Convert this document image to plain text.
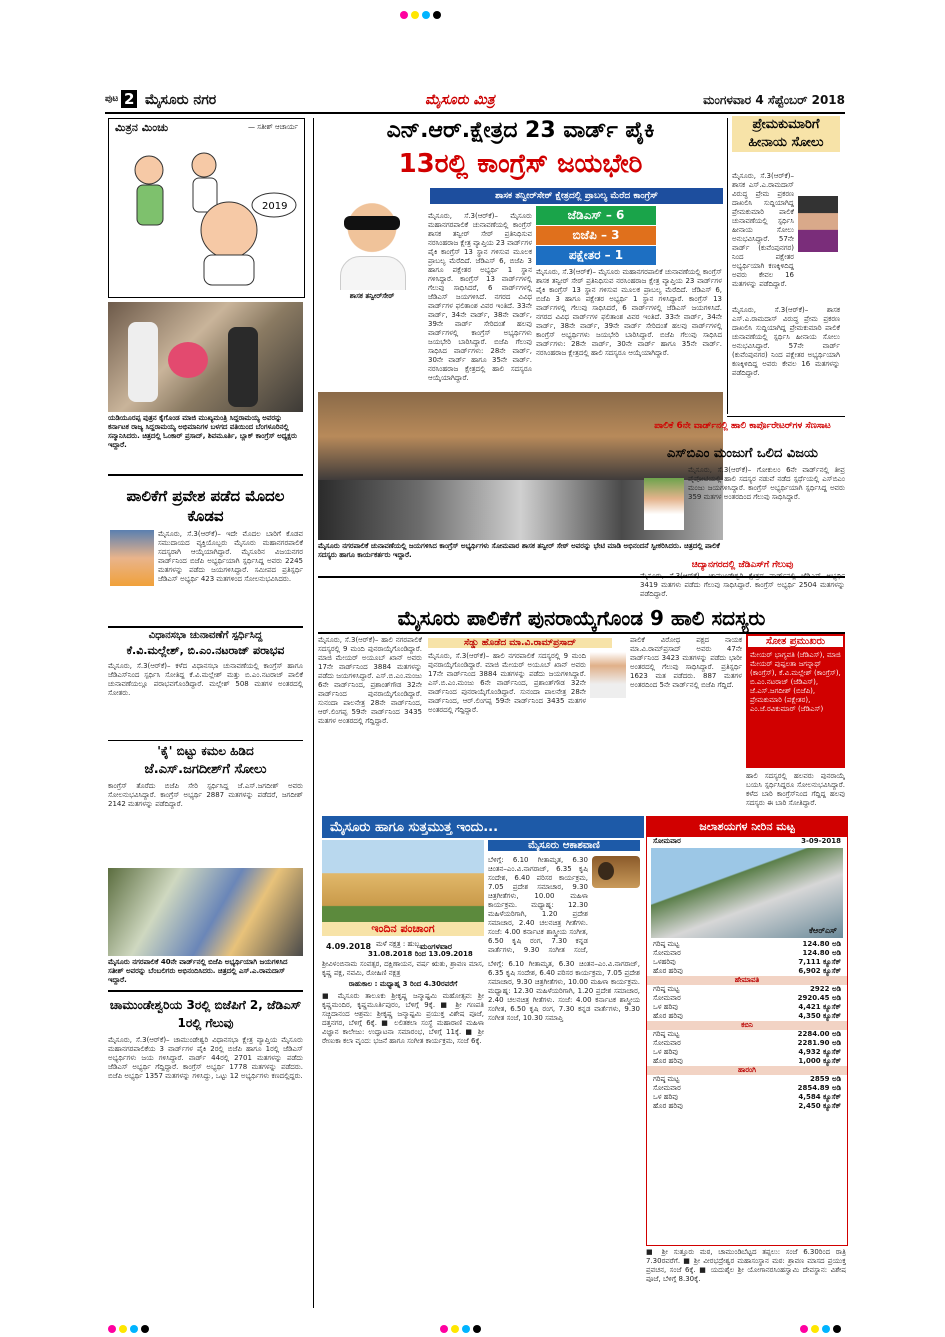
ಪುಟ 2 ಮೈಸೂರು ನಗರ	ಮೈಸೂರು ಮಿತ್ರ	ಮಂಗಳವಾರ 4 ಸೆಪ್ಟೆಂಬರ್ 2018
ಮಿತ್ರನ ಮಿಂಚು	— ಸತೀಶ್ ಆಚಾರ್ಯ
2019
ಯಡಿಯೂರಪ್ಪ ಪುತ್ರನ ಕೈಗೊಂಡ ಮಾಜಿ ಮುಖ್ಯಮಂತ್ರಿ ಸಿದ್ದರಾಮಯ್ಯ ಅವರನ್ನು ಕರ್ನಾಟಕ ರಾಜ್ಯ ಸಿದ್ದರಾಮಯ್ಯ ಅಭಿಮಾನಿಗಳ ಬಳಗದ ವತಿಯಿಂದ ಬೆಂಗಳೂರಿನಲ್ಲಿ ಸನ್ಮಾನಿಸಿದರು. ಚಿತ್ರದಲ್ಲಿ ಓಂಕಾರ್ ಪ್ರಸಾದ್, ಶಿವಮೂರ್ತಿ, ಬ್ಲಾಕ್ ಕಾಂಗ್ರೆಸ್ ಅಧ್ಯಕ್ಷರು ಇದ್ದಾರೆ.
ಪಾಲಿಕೆಗೆ ಪ್ರವೇಶ ಪಡೆದ ಮೊದಲ ಕೊಡವ
ಮೈಸೂರು, ಸೆ.3(ಆರ್‌ಕೆ)– ಇದೇ ಮೊದಲ ಬಾರಿಗೆ ಕೊಡವ ಸಮುದಾಯದ ವ್ಯಕ್ತಿಯೊಬ್ಬರು ಮೈಸೂರು ಮಹಾನಗರಪಾಲಿಕೆ ಸದಸ್ಯರಾಗಿ ಆಯ್ಕೆಯಾಗಿದ್ದಾರೆ. ಮೈಸೂರಿನ ವಿಜಯನಗರ ವಾರ್ಡ್‌ನಿಂದ ಬಿಜೆಪಿ ಅಭ್ಯರ್ಥಿಯಾಗಿ ಸ್ಪರ್ಧಿಸಿದ್ದ ಅವರು 2245 ಮತಗಳನ್ನು ಪಡೆದು ಜಯಗಳಿಸಿದ್ದಾರೆ. ಸಮೀಪದ ಪ್ರತಿಸ್ಪರ್ಧಿ ಜೆಡಿಎಸ್ ಅಭ್ಯರ್ಥಿ 423 ಮತಗಳಿಂದ ಸೋಲನುಭವಿಸಿದರು.
ವಿಧಾನಸಭಾ ಚುನಾವಣೆಗೆ ಸ್ಪರ್ಧಿಸಿದ್ದ
ಕೆ.ವಿ.ಮಲ್ಲೇಶ್, ಬಿ.ಎಂ.ನಟರಾಜ್ ಪರಾಭವ
ಮೈಸೂರು, ಸೆ.3(ಆರ್‌ಕೆ)– ಕಳೆದ ವಿಧಾನಸಭಾ ಚುನಾವಣೆಯಲ್ಲಿ ಕಾಂಗ್ರೆಸ್ ಹಾಗೂ ಜೆಡಿಎಸ್‌ನಿಂದ ಸ್ಪರ್ಧಿಸಿ ಸೋತಿದ್ದ ಕೆ.ವಿ.ಮಲ್ಲೇಶ್ ಮತ್ತು ಬಿ.ಎಂ.ನಟರಾಜ್ ಪಾಲಿಕೆ ಚುನಾವಣೆಯಲ್ಲೂ ಪರಾಭವಗೊಂಡಿದ್ದಾರೆ. ಮಲ್ಲೇಶ್ 508 ಮತಗಳ ಅಂತರದಲ್ಲಿ ಸೋತರು.
'ಕೈ' ಬಿಟ್ಟು ಕಮಲ ಹಿಡಿದ
ಜೆ.ಎಸ್.ಜಗದೀಶ್‌ಗೆ ಸೋಲು
ಕಾಂಗ್ರೆಸ್ ತೊರೆದು ಬಿಜೆಪಿ ಸೇರಿ ಸ್ಪರ್ಧಿಸಿದ್ದ ಜೆ.ಎಸ್.ಜಗದೀಶ್ ಅವರು ಸೋಲನುಭವಿಸಿದ್ದಾರೆ. ಕಾಂಗ್ರೆಸ್ ಅಭ್ಯರ್ಥಿ 2887 ಮತಗಳನ್ನು ಪಡೆದರೆ, ಜಗದೀಶ್ 2142 ಮತಗಳನ್ನು ಪಡೆದಿದ್ದಾರೆ.
ಮೈಸೂರು ನಗರಪಾಲಿಕೆ 40ನೇ ವಾರ್ಡ್‌ನಲ್ಲಿ ಬಿಜೆಪಿ ಅಭ್ಯರ್ಥಿಯಾಗಿ ಜಯಗಳಿಸಿದ ಸತೀಶ್ ಅವರನ್ನು ಬೆಂಬಲಿಗರು ಅಭಿನಂದಿಸಿದರು. ಚಿತ್ರದಲ್ಲಿ ಎಸ್.ಎ.ರಾಮದಾಸ್ ಇದ್ದಾರೆ.
ಚಾಮುಂಡೇಶ್ವರಿಯ 3ರಲ್ಲಿ ಬಿಜೆಪಿಗೆ 2, ಜೆಡಿಎಸ್ 1ರಲ್ಲಿ ಗೆಲುವು
ಮೈಸೂರು, ಸೆ.3(ಆರ್‌ಕೆ)– ಚಾಮುಂಡೇಶ್ವರಿ ವಿಧಾನಸಭಾ ಕ್ಷೇತ್ರ ವ್ಯಾಪ್ತಿಯ ಮೈಸೂರು ಮಹಾನಗರಪಾಲಿಕೆಯ 3 ವಾರ್ಡ್‌ಗಳ ಪೈಕಿ 2ರಲ್ಲಿ ಬಿಜೆಪಿ ಹಾಗೂ 1ರಲ್ಲಿ ಜೆಡಿಎಸ್ ಅಭ್ಯರ್ಥಿಗಳು ಜಯ ಗಳಿಸಿದ್ದಾರೆ. ವಾರ್ಡ್ 44ರಲ್ಲಿ 2701 ಮತಗಳನ್ನು ಪಡೆದು ಜೆಡಿಎಸ್ ಅಭ್ಯರ್ಥಿ ಗೆದ್ದಿದ್ದಾರೆ. ಕಾಂಗ್ರೆಸ್ ಅಭ್ಯರ್ಥಿ 1778 ಮತಗಳನ್ನು ಪಡೆದರು. ಬಿಜೆಪಿ ಅಭ್ಯರ್ಥಿ 1357 ಮತಗಳನ್ನು ಗಳಿಸಿದ್ದು, ಒಟ್ಟು 12 ಅಭ್ಯರ್ಥಿಗಳು ಕಣದಲ್ಲಿದ್ದರು.
ಎನ್.ಆರ್.ಕ್ಷೇತ್ರದ 23 ವಾರ್ಡ್ ಪೈಕಿ
13ರಲ್ಲಿ ಕಾಂಗ್ರೆಸ್ ಜಯಭೇರಿ
ಶಾಸಕ ತನ್ವೀರ್‌ಸೇಠ್
ಶಾಸಕ ತನ್ವೀರ್‌ಸೇಠ್ ಕ್ಷೇತ್ರದಲ್ಲಿ ಪ್ರಾಬಲ್ಯ ಮೆರೆದ ಕಾಂಗ್ರೆಸ್
ಜೆಡಿಎಸ್ – 6
ಬಿಜೆಪಿ – 3
ಪಕ್ಷೇತರ – 1
ಮೈಸೂರು, ಸೆ.3(ಆರ್‌ಕೆ)– ಮೈಸೂರು ಮಹಾನಗರಪಾಲಿಕೆ ಚುನಾವಣೆಯಲ್ಲಿ ಕಾಂಗ್ರೆಸ್ ಶಾಸಕ ತನ್ವೀರ್ ಸೇಠ್ ಪ್ರತಿನಿಧಿಸುವ ನರಸಿಂಹರಾಜ ಕ್ಷೇತ್ರ ವ್ಯಾಪ್ತಿಯ 23 ವಾರ್ಡ್‌ಗಳ ಪೈಕಿ ಕಾಂಗ್ರೆಸ್ 13 ಸ್ಥಾನ ಗಳಿಸುವ ಮೂಲಕ ಪ್ರಾಬಲ್ಯ ಮೆರೆದಿದೆ. ಜೆಡಿಎಸ್ 6, ಬಿಜೆಪಿ 3 ಹಾಗೂ ಪಕ್ಷೇತರ ಅಭ್ಯರ್ಥಿ 1 ಸ್ಥಾನ ಗಳಿಸಿದ್ದಾರೆ. ಕಾಂಗ್ರೆಸ್ 13 ವಾರ್ಡ್‌ಗಳಲ್ಲಿ ಗೆಲುವು ಸಾಧಿಸಿದರೆ, 6 ವಾರ್ಡ್‌ಗಳಲ್ಲಿ ಜೆಡಿಎಸ್ ಜಯಗಳಿಸಿದೆ. ನಗರದ ವಿವಿಧ ವಾರ್ಡ್‌ಗಳ ಫಲಿತಾಂಶ ವಿವರ ಇಂತಿದೆ. 33ನೇ ವಾರ್ಡ್, 34ನೇ ವಾರ್ಡ್, 38ನೇ ವಾರ್ಡ್, 39ನೇ ವಾರ್ಡ್ ಸೇರಿದಂತೆ ಹಲವು ವಾರ್ಡ್‌ಗಳಲ್ಲಿ ಕಾಂಗ್ರೆಸ್ ಅಭ್ಯರ್ಥಿಗಳು ಜಯಭೇರಿ ಬಾರಿಸಿದ್ದಾರೆ. ಬಿಜೆಪಿ ಗೆಲುವು ಸಾಧಿಸಿದ ವಾರ್ಡ್‌ಗಳು: 28ನೇ ವಾರ್ಡ್, 30ನೇ ವಾರ್ಡ್ ಹಾಗೂ 35ನೇ ವಾರ್ಡ್. ನರಸಿಂಹರಾಜ ಕ್ಷೇತ್ರದಲ್ಲಿ ಹಾಲಿ ಸದಸ್ಯರೂ ಆಯ್ಕೆಯಾಗಿದ್ದಾರೆ.
ಮೈಸೂರು, ಸೆ.3(ಆರ್‌ಕೆ)– ಮೈಸೂರು ಮಹಾನಗರಪಾಲಿಕೆ ಚುನಾವಣೆಯಲ್ಲಿ ಕಾಂಗ್ರೆಸ್ ಶಾಸಕ ತನ್ವೀರ್ ಸೇಠ್ ಪ್ರತಿನಿಧಿಸುವ ನರಸಿಂಹರಾಜ ಕ್ಷೇತ್ರ ವ್ಯಾಪ್ತಿಯ 23 ವಾರ್ಡ್‌ಗಳ ಪೈಕಿ ಕಾಂಗ್ರೆಸ್ 13 ಸ್ಥಾನ ಗಳಿಸುವ ಮೂಲಕ ಪ್ರಾಬಲ್ಯ ಮೆರೆದಿದೆ. ಜೆಡಿಎಸ್ 6, ಬಿಜೆಪಿ 3 ಹಾಗೂ ಪಕ್ಷೇತರ ಅಭ್ಯರ್ಥಿ 1 ಸ್ಥಾನ ಗಳಿಸಿದ್ದಾರೆ. ಕಾಂಗ್ರೆಸ್ 13 ವಾರ್ಡ್‌ಗಳಲ್ಲಿ ಗೆಲುವು ಸಾಧಿಸಿದರೆ, 6 ವಾರ್ಡ್‌ಗಳಲ್ಲಿ ಜೆಡಿಎಸ್ ಜಯಗಳಿಸಿದೆ. ನಗರದ ವಿವಿಧ ವಾರ್ಡ್‌ಗಳ ಫಲಿತಾಂಶ ವಿವರ ಇಂತಿದೆ. 33ನೇ ವಾರ್ಡ್, 34ನೇ ವಾರ್ಡ್, 38ನೇ ವಾರ್ಡ್, 39ನೇ ವಾರ್ಡ್ ಸೇರಿದಂತೆ ಹಲವು ವಾರ್ಡ್‌ಗಳಲ್ಲಿ ಕಾಂಗ್ರೆಸ್ ಅಭ್ಯರ್ಥಿಗಳು ಜಯಭೇರಿ ಬಾರಿಸಿದ್ದಾರೆ. ಬಿಜೆಪಿ ಗೆಲುವು ಸಾಧಿಸಿದ ವಾರ್ಡ್‌ಗಳು: 28ನೇ ವಾರ್ಡ್, 30ನೇ ವಾರ್ಡ್ ಹಾಗೂ 35ನೇ ವಾರ್ಡ್. ನರಸಿಂಹರಾಜ ಕ್ಷೇತ್ರದಲ್ಲಿ ಹಾಲಿ ಸದಸ್ಯರೂ ಆಯ್ಕೆಯಾಗಿದ್ದಾರೆ.
ಪ್ರೇಮಕುಮಾರಿಗೆ ಹೀನಾಯ ಸೋಲು
ಮೈಸೂರು, ಸೆ.3(ಆರ್‌ಕೆ)– ಶಾಸಕ ಎಸ್.ಎ.ರಾಮದಾಸ್ ವಿರುದ್ಧ ಪ್ರೇಮ ಪ್ರಕರಣ ದಾಖಲಿಸಿ ಸುದ್ದಿಯಾಗಿದ್ದ ಪ್ರೇಮಕುಮಾರಿ ಪಾಲಿಕೆ ಚುನಾವಣೆಯಲ್ಲಿ ಸ್ಪರ್ಧಿಸಿ ಹೀನಾಯ ಸೋಲು ಅನುಭವಿಸಿದ್ದಾರೆ. 57ನೇ ವಾರ್ಡ್ (ಕುವೆಂಪುನಗರ) ನಿಂದ ಪಕ್ಷೇತರ ಅಭ್ಯರ್ಥಿಯಾಗಿ ಕಣಕ್ಕಿಳಿದಿದ್ದ ಅವರು ಕೇವಲ 16 ಮತಗಳನ್ನು ಪಡೆದಿದ್ದಾರೆ.
ಮೈಸೂರು, ಸೆ.3(ಆರ್‌ಕೆ)– ಶಾಸಕ ಎಸ್.ಎ.ರಾಮದಾಸ್ ವಿರುದ್ಧ ಪ್ರೇಮ ಪ್ರಕರಣ ದಾಖಲಿಸಿ ಸುದ್ದಿಯಾಗಿದ್ದ ಪ್ರೇಮಕುಮಾರಿ ಪಾಲಿಕೆ ಚುನಾವಣೆಯಲ್ಲಿ ಸ್ಪರ್ಧಿಸಿ ಹೀನಾಯ ಸೋಲು ಅನುಭವಿಸಿದ್ದಾರೆ. 57ನೇ ವಾರ್ಡ್ (ಕುವೆಂಪುನಗರ) ನಿಂದ ಪಕ್ಷೇತರ ಅಭ್ಯರ್ಥಿಯಾಗಿ ಕಣಕ್ಕಿಳಿದಿದ್ದ ಅವರು ಕೇವಲ 16 ಮತಗಳನ್ನು ಪಡೆದಿದ್ದಾರೆ.
ಮೈಸೂರು ನಗರಪಾಲಿಕೆ ಚುನಾವಣೆಯಲ್ಲಿ ಜಯಗಳಿಸಿದ ಕಾಂಗ್ರೆಸ್ ಅಭ್ಯರ್ಥಿಗಳು ಸೋಮವಾರ ಶಾಸಕ ತನ್ವೀರ್ ಸೇಠ್ ಅವರನ್ನು ಭೇಟಿ ಮಾಡಿ ಅಭಿನಂದನೆ ಸ್ವೀಕರಿಸಿದರು. ಚಿತ್ರದಲ್ಲಿ ಪಾಲಿಕೆ ಸದಸ್ಯರು ಹಾಗೂ ಕಾರ್ಯಕರ್ತರು ಇದ್ದಾರೆ.
ಪಾಲಿಕೆ 6ನೇ ವಾರ್ಡ್‌ನಲ್ಲಿ ಹಾಲಿ ಕಾರ್ಪೊರೇಟರ್‌ಗಳ ಸೆಣಸಾಟ
ಎಸ್‌ಬಿಎಂ ಮಂಜುಗೆ ಒಲಿದ ವಿಜಯ
ಮೈಸೂರು, ಸೆ.3(ಆರ್‌ಕೆ)– ಗೋಕುಲಂ 6ನೇ ವಾರ್ಡ್‌ನಲ್ಲಿ ತೀವ್ರ ಪೈಪೋಟಿಯಲ್ಲಿ ಹಾಲಿ ಸದಸ್ಯರ ನಡುವೆ ನಡೆದ ಸ್ಪರ್ಧೆಯಲ್ಲಿ ಎಸ್‌ಬಿಎಂ ಮಂಜು ಜಯಗಳಿಸಿದ್ದಾರೆ. ಕಾಂಗ್ರೆಸ್ ಅಭ್ಯರ್ಥಿಯಾಗಿ ಸ್ಪರ್ಧಿಸಿದ್ದ ಅವರು 359 ಮತಗಳ ಅಂತರದಿಂದ ಗೆಲುವು ಸಾಧಿಸಿದ್ದಾರೆ.
ಚಿದ್ಯಾನಗರದಲ್ಲಿ ಜೆಡಿಎಸ್‌ಗೆ ಗೆಲುವು
3419 ಮತಗಳು ಪಡೆದು ಗೆಲುವು ಸಾಧಿಸಿದ್ದಾರೆ. ಕಾಂಗ್ರೆಸ್ ಅಭ್ಯರ್ಥಿ 2504 ಮತಗಳನ್ನು ಪಡೆದಿದ್ದಾರೆ.
ಮೈಸೂರು ಪಾಲಿಕೆಗೆ ಪುನರಾಯ್ಕೆಗೊಂಡ 9 ಹಾಲಿ ಸದಸ್ಯರು
ಮೈಸೂರು, ಸೆ.3(ಆರ್‌ಕೆ)– ಹಾಲಿ ನಗರಪಾಲಿಕೆ ಸದಸ್ಯರಲ್ಲಿ 9 ಮಂದಿ ಪುನರಾಯ್ಕೆಗೊಂಡಿದ್ದಾರೆ. ಮಾಜಿ ಮೇಯರ್ ಅಯೂಬ್ ಖಾನ್ ಅವರು 17ನೇ ವಾರ್ಡ್‌ನಿಂದ 3884 ಮತಗಳನ್ನು ಪಡೆದು ಜಯಗಳಿಸಿದ್ದಾರೆ. ಎಸ್.ಬಿ.ಎಂ.ಮಂಜು 6ನೇ ವಾರ್ಡ್‌ನಿಂದ, ಪ್ರಶಾಂತ್‌ಗೌಡ 32ನೇ ವಾರ್ಡ್‌ನಿಂದ ಪುನರಾಯ್ಕೆಗೊಂಡಿದ್ದಾರೆ. ಸುನಂದಾ ಪಾಲನೇತ್ರ 28ನೇ ವಾರ್ಡ್‌ನಿಂದ, ಆರ್.ಲಿಂಗಪ್ಪ 59ನೇ ವಾರ್ಡ್‌ನಿಂದ 3435 ಮತಗಳ ಅಂತರದಲ್ಲಿ ಗೆದ್ದಿದ್ದಾರೆ.
ಸೆಡ್ಡು ಹೊಡೆದ ಮಾ.ವಿ.ರಾಮ್‌ಪ್ರಸಾದ್
ಮೈಸೂರು, ಸೆ.3(ಆರ್‌ಕೆ)– ಹಾಲಿ ನಗರಪಾಲಿಕೆ ಸದಸ್ಯರಲ್ಲಿ 9 ಮಂದಿ ಪುನರಾಯ್ಕೆಗೊಂಡಿದ್ದಾರೆ. ಮಾಜಿ ಮೇಯರ್ ಅಯೂಬ್ ಖಾನ್ ಅವರು 17ನೇ ವಾರ್ಡ್‌ನಿಂದ 3884 ಮತಗಳನ್ನು ಪಡೆದು ಜಯಗಳಿಸಿದ್ದಾರೆ. ಎಸ್.ಬಿ.ಎಂ.ಮಂಜು 6ನೇ ವಾರ್ಡ್‌ನಿಂದ, ಪ್ರಶಾಂತ್‌ಗೌಡ 32ನೇ ವಾರ್ಡ್‌ನಿಂದ ಪುನರಾಯ್ಕೆಗೊಂಡಿದ್ದಾರೆ. ಸುನಂದಾ ಪಾಲನೇತ್ರ 28ನೇ ವಾರ್ಡ್‌ನಿಂದ, ಆರ್.ಲಿಂಗಪ್ಪ 59ನೇ ವಾರ್ಡ್‌ನಿಂದ 3435 ಮತಗಳ ಅಂತರದಲ್ಲಿ ಗೆದ್ದಿದ್ದಾರೆ.
ಪಾಲಿಕೆ ವಿರೋಧ ಪಕ್ಷದ ನಾಯಕ ಮಾ.ವಿ.ರಾಮ್‌ಪ್ರಸಾದ್ ಅವರು 47ನೇ ವಾರ್ಡ್‌ನಿಂದ 3423 ಮತಗಳನ್ನು ಪಡೆದು ಭಾರೀ ಅಂತರದಲ್ಲಿ ಗೆಲುವು ಸಾಧಿಸಿದ್ದಾರೆ. ಪ್ರತಿಸ್ಪರ್ಧಿ 1623 ಮತ ಪಡೆದರು. 887 ಮತಗಳ ಅಂತರದಿಂದ 5ನೇ ವಾರ್ಡ್‌ನಲ್ಲಿ ಬಿಜೆಪಿ ಗೆದ್ದಿದೆ.
ಸೋತ ಪ್ರಮುಖರು
ಮೇಯರ್ ಭಾಗ್ಯವತಿ (ಜೆಡಿಎಸ್), ಮಾಜಿ ಮೇಯರ್ ಪುಷ್ಪಲತಾ ಜಗನ್ನಾಥ್ (ಕಾಂಗ್ರೆಸ್), ಕೆ.ವಿ.ಮಲ್ಲೇಶ್ (ಕಾಂಗ್ರೆಸ್), ಬಿ.ಎಂ.ನಟರಾಜ್ (ಜೆಡಿಎಸ್), ಜೆ.ಎಸ್.ಜಗದೀಶ್ (ಬಿಜೆಪಿ), ಪ್ರೇಮಕುಮಾರಿ (ಪಕ್ಷೇತರ), ಎಂ.ಜೆ.ರವಿಕುಮಾರ್ (ಜೆಡಿಎಸ್)
ಹಾಲಿ ಸದಸ್ಯರಲ್ಲಿ ಹಲವರು ಪುನರಾಯ್ಕೆ ಬಯಸಿ ಸ್ಪರ್ಧಿಸಿದ್ದರೂ ಸೋಲನುಭವಿಸಿದ್ದಾರೆ. ಕಳೆದ ಬಾರಿ ಕಾಂಗ್ರೆಸ್‌ನಿಂದ ಗೆದ್ದಿದ್ದ ಹಲವು ಸದಸ್ಯರು ಈ ಬಾರಿ ಸೋತಿದ್ದಾರೆ.
ಮೈಸೂರು ಹಾಗೂ ಸುತ್ತಮುತ್ತ ಇಂದು...
ಇಂದಿನ ಪಂಚಾಂಗ
4.09.2018	ಮಂಗಳವಾರ
ಮಳೆ ನಕ್ಷತ್ರ : ಹುಬ್ಬ
31.08.2018 ರಿಂದ 13.09.2018
ಶ್ರೀವಿಳಂಬಿನಾಮ ಸಂವತ್ಸರ, ದಕ್ಷಿಣಾಯನ, ವರ್ಷ ಋತು, ಶ್ರಾವಣ ಮಾಸ, ಕೃಷ್ಣ ಪಕ್ಷ, ನವಮಿ, ರೋಹಿಣಿ ನಕ್ಷತ್ರ
ರಾಹುಕಾಲ : ಮಧ್ಯಾಹ್ನ 3 ರಿಂದ 4.30ರವರೆಗೆ
■ ಮೈಸೂರು ತಾಲೂಕು ಶ್ರೀಕೃಷ್ಣ ಜನ್ಮಾಷ್ಟಮಿ ಮಹೋತ್ಸವ: ಶ್ರೀ ಕೃಷ್ಣಮಂದಿರ, ಕೃಷ್ಣಮೂರ್ತಿಪುರಂ, ಬೆಳಿಗ್ಗೆ 9ಕ್ಕೆ. ■ ಶ್ರೀ ಗಣಪತಿ ಸಚ್ಚಿದಾನಂದ ಆಶ್ರಮ: ಶ್ರೀಕೃಷ್ಣ ಜನ್ಮಾಷ್ಟಮಿ ಪ್ರಯುಕ್ತ ವಿಶೇಷ ಪೂಜೆ, ದತ್ತನಗರ, ಬೆಳಿಗ್ಗೆ 6ಕ್ಕೆ. ■ ಲಲಿತಕಲಾ ಸಂಸ್ಥೆ ಮಹಾರಾಣಿ ಮಹಿಳಾ ವಿಜ್ಞಾನ ಕಾಲೇಜು: ಉದ್ಘಾಟನಾ ಸಮಾರಂಭ, ಬೆಳಿಗ್ಗೆ 11ಕ್ಕೆ. ■ ಶ್ರೀ ರೇಣುಕಾ ಕಲಾ ವೃಂದ: ಭಜನೆ ಹಾಗೂ ಸಂಗೀತ ಕಾರ್ಯಕ್ರಮ, ಸಂಜೆ 6ಕ್ಕೆ.
ಮೈಸೂರು ಆಕಾಶವಾಣಿ
ಬೆಳಿಗ್ಗೆ: 6.10 ಗೀತಾಮೃತ, 6.30 ಚಿಂತನ–ಎಂ.ವಿ.ನಾಗರಾಜ್, 6.35 ಕೃಷಿ ಸಂದೇಶ, 6.40 ಪರಿಸರ ಕಾರ್ಯಕ್ರಮ, 7.05 ಪ್ರದೇಶ ಸಮಾಚಾರ, 9.30 ಚಿತ್ರಗೀತೆಗಳು, 10.00 ಮಹಿಳಾ ಕಾರ್ಯಕ್ರಮ. ಮಧ್ಯಾಹ್ನ: 12.30 ಮಹಿಳೆಯರಿಗಾಗಿ, 1.20 ಪ್ರದೇಶ ಸಮಾಚಾರ, 2.40 ಚಲನಚಿತ್ರ ಗೀತೆಗಳು. ಸಂಜೆ: 4.00 ಕರ್ನಾಟಕ ಶಾಸ್ತ್ರೀಯ ಸಂಗೀತ, 6.50 ಕೃಷಿ ರಂಗ, 7.30 ಕನ್ನಡ ವಾರ್ತೆಗಳು, 9.30 ಸಂಗೀತ ಸಂಜೆ,
ಬೆಳಿಗ್ಗೆ: 6.10 ಗೀತಾಮೃತ, 6.30 ಚಿಂತನ–ಎಂ.ವಿ.ನಾಗರಾಜ್, 6.35 ಕೃಷಿ ಸಂದೇಶ, 6.40 ಪರಿಸರ ಕಾರ್ಯಕ್ರಮ, 7.05 ಪ್ರದೇಶ ಸಮಾಚಾರ, 9.30 ಚಿತ್ರಗೀತೆಗಳು, 10.00 ಮಹಿಳಾ ಕಾರ್ಯಕ್ರಮ. ಮಧ್ಯಾಹ್ನ: 12.30 ಮಹಿಳೆಯರಿಗಾಗಿ, 1.20 ಪ್ರದೇಶ ಸಮಾಚಾರ, 2.40 ಚಲನಚಿತ್ರ ಗೀತೆಗಳು. ಸಂಜೆ: 4.00 ಕರ್ನಾಟಕ ಶಾಸ್ತ್ರೀಯ ಸಂಗೀತ, 6.50 ಕೃಷಿ ರಂಗ, 7.30 ಕನ್ನಡ ವಾರ್ತೆಗಳು, 9.30 ಸಂಗೀತ ಸಂಜೆ, 10.30 ಸಮಾಪ್ತಿ
ಜಲಾಶಯಗಳ ನೀರಿನ ಮಟ್ಟ
ಸೋಮವಾರ	3-09-2018
ಕೆಆರ್‌ಎಸ್
ಗರಿಷ್ಠ ಮಟ್ಟ	124.80 ಅಡಿ
ಸೋಮವಾರ	124.80 ಅಡಿ
ಒಳಹರಿವು	7,111 ಕ್ಯೂಸೆಕ್
ಹೊರ ಹರಿವು	6,902 ಕ್ಯೂಸೆಕ್
ಹೇಮಾವತಿ
ಗರಿಷ್ಠ ಮಟ್ಟ	2922 ಅಡಿ
ಸೋಮವಾರ	2920.45 ಅಡಿ
ಒಳ ಹರಿವು	4,421 ಕ್ಯೂಸೆಕ್
ಹೊರ ಹರಿವು	4,350 ಕ್ಯೂಸೆಕ್
ಕಬಿನಿ
ಗರಿಷ್ಠ ಮಟ್ಟ	2284.00 ಅಡಿ
ಸೋಮವಾರ	2281.90 ಅಡಿ
ಒಳ ಹರಿವು	4,932 ಕ್ಯೂಸೆಕ್
ಹೊರ ಹರಿವು	1,000 ಕ್ಯೂಸೆಕ್
ಹಾರಂಗಿ
ಗರಿಷ್ಠ ಮಟ್ಟ	2859 ಅಡಿ
ಸೋಮವಾರ	2854.89 ಅಡಿ
ಒಳ ಹರಿವು	4,584 ಕ್ಯೂಸೆಕ್
ಹೊರ ಹರಿವು	2,450 ಕ್ಯೂಸೆಕ್
■ ಶ್ರೀ ಸುತ್ತೂರು ಮಠ, ಚಾಮುಂಡಿಬೆಟ್ಟದ ತಪ್ಪಲು: ಸಂಜೆ 6.30ರಿಂದ ರಾತ್ರಿ 7.30ರವರೆಗೆ. ■ ಶ್ರೀ ವೀರಭದ್ರೇಶ್ವರ ಮಹಾಸಂಸ್ಥಾನ ಮಠ: ಶ್ರಾವಣ ಮಾಸದ ಪ್ರಯುಕ್ತ ಪ್ರವಚನ, ಸಂಜೆ 6ಕ್ಕೆ. ■ ಯದುಶೈಲ ಶ್ರೀ ಯೋಗಾನರಸಿಂಹಸ್ವಾಮಿ ದೇವಸ್ಥಾನ: ವಿಶೇಷ ಪೂಜೆ, ಬೆಳಿಗ್ಗೆ 8.30ಕ್ಕೆ.
